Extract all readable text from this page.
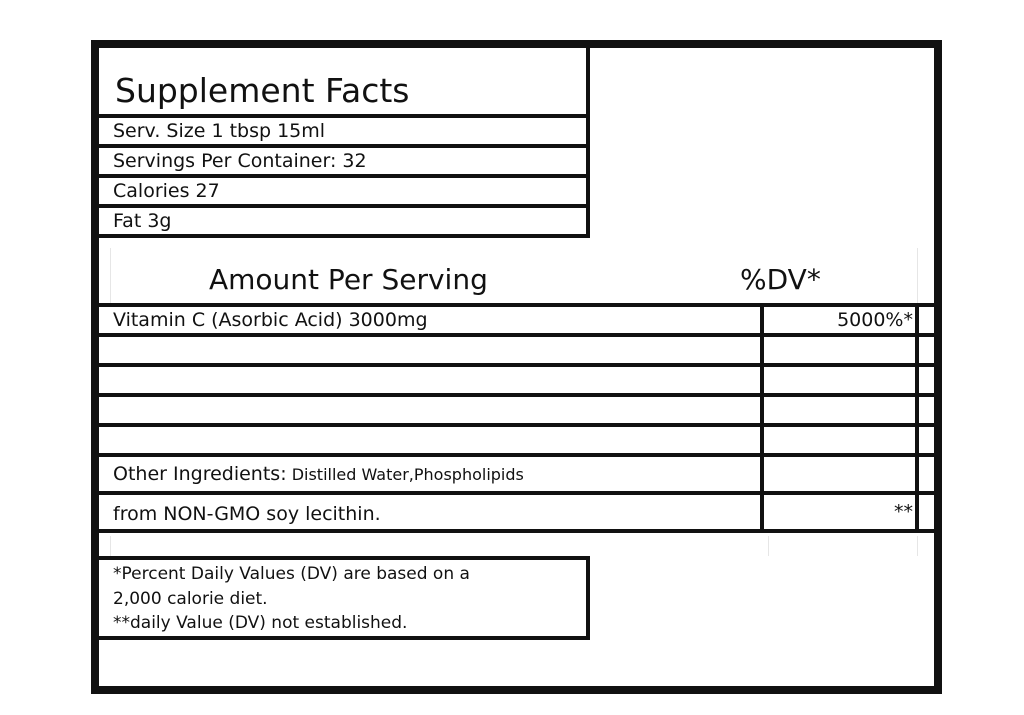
Supplement Facts
Serv. Size 1 tbsp 15ml
Servings Per Container: 32
Calories 27
Fat 3g
Amount Per Serving	%DV*
Vitamin C (Asorbic Acid) 3000mg	5000%*
Other Ingredients: Distilled Water,Phospholipids
from NON-GMO soy lecithin.	**
*Percent Daily Values (DV) are based on a
2,000 calorie diet.
**daily Value (DV) not established.
